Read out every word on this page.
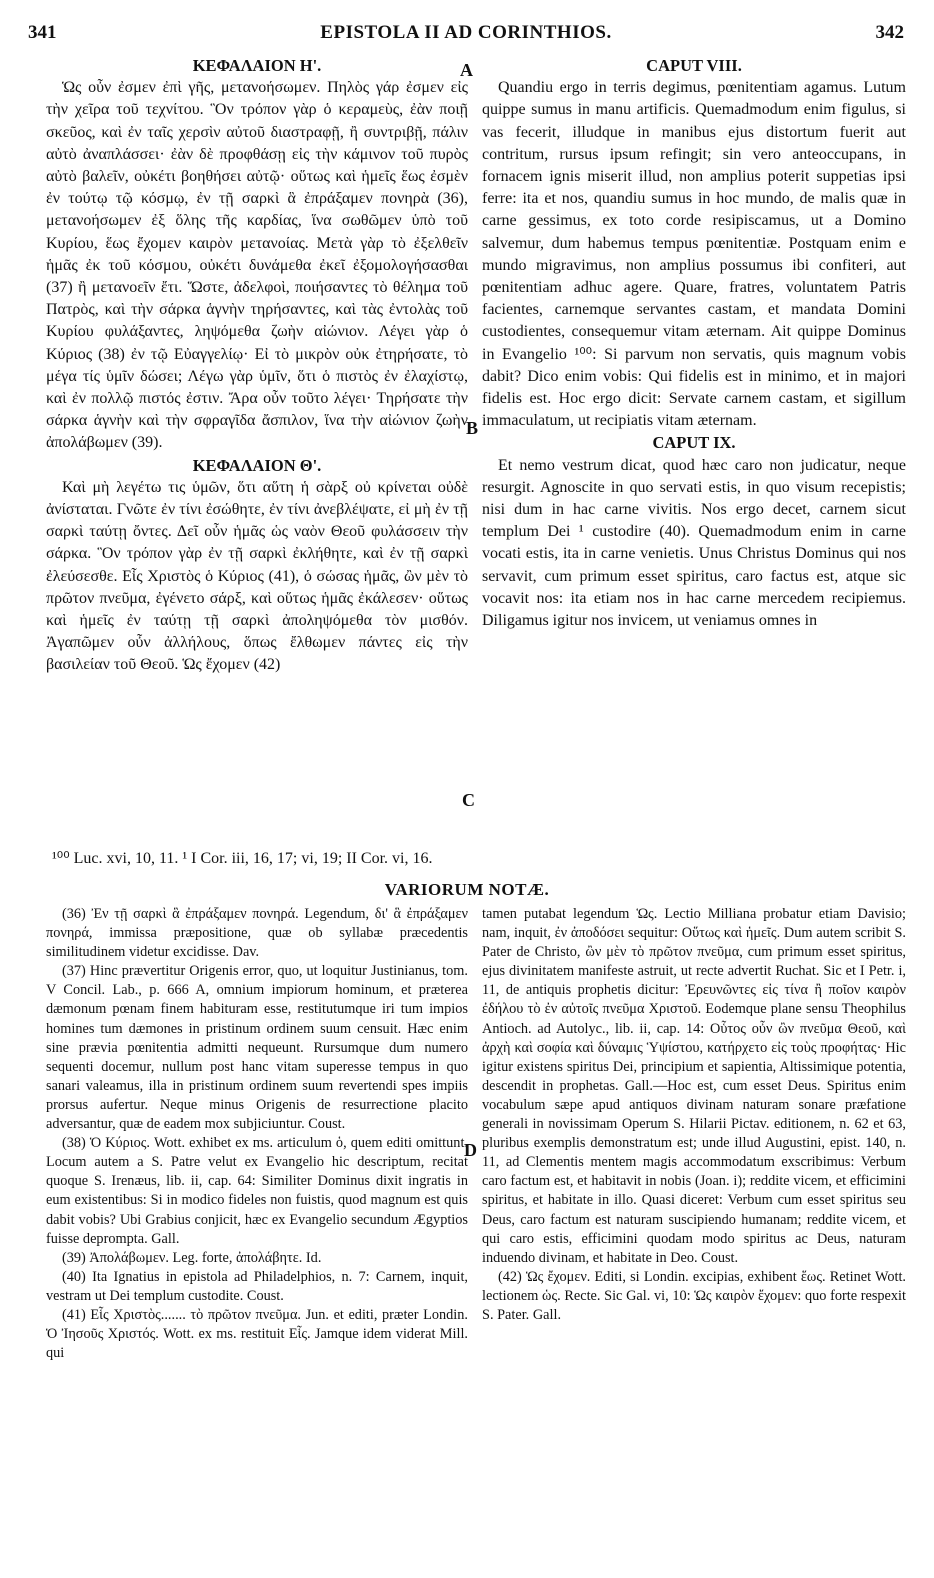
341	EPISTOLA II AD CORINTHIOS.	342
ΚΕΦΑΛΑΙΟΝ Η'.

Ὡς οὖν ἐσμεν ἐπὶ γῆς, μετανοήσωμεν. Πηλὸς γάρ ἐσμεν εἰς τὴν χεῖρα τοῦ τεχνίτου. Ὃν τρόπον γὰρ ὁ κεραμεὺς, ἐὰν ποιῇ σκεῦος, καὶ ἐν ταῖς χερσὶν αὐτοῦ διαστραφῇ, ἢ συντριβῇ, πάλιν αὐτὸ ἀναπλάσσει· ἐὰν δὲ προφθάσῃ εἰς τὴν κάμινον τοῦ πυρὸς αὐτὸ βαλεῖν, οὐκέτι βοηθήσει αὐτῷ· οὕτως καὶ ἡμεῖς ἕως ἐσμὲν ἐν τούτῳ τῷ κόσμῳ, ἐν τῇ σαρκὶ ἃ ἐπράξαμεν πονηρὰ (36), μετανοήσωμεν ἐξ ὅλης τῆς καρδίας, ἵνα σωθῶμεν ὑπὸ τοῦ Κυρίου, ἕως ἔχομεν καιρὸν μετανοίας. Μετὰ γὰρ τὸ ἐξελθεῖν ἡμᾶς ἐκ τοῦ κόσμου, οὐκέτι δυνάμεθα ἐκεῖ ἐξομολογήσασθαι (37) ἢ μετανοεῖν ἔτι. Ὥστε, ἀδελφοὶ, ποιήσαντες τὸ θέλημα τοῦ Πατρὸς, καὶ τὴν σάρκα ἁγνὴν τηρήσαντες, καὶ τὰς ἐντολὰς τοῦ Κυρίου φυλάξαντες, ληψόμεθα ζωὴν αἰώνιον. Λέγει γὰρ ὁ Κύριος (38) ἐν τῷ Εὐαγγελίῳ· Εἰ τὸ μικρὸν οὐκ ἐτηρήσατε, τὸ μέγα τίς ὑμῖν δώσει; Λέγω γὰρ ὑμῖν, ὅτι ὁ πιστὸς ἐν ἐλαχίστῳ, καὶ ἐν πολλῷ πιστός ἐστιν. Ἄρα οὖν τοῦτο λέγει· Τηρήσατε τὴν σάρκα ἁγνὴν καὶ τὴν σφραγῖδα ἄσπιλον, ἵνα τὴν αἰώνιον ζωὴν ἀπολάβωμεν (39).

ΚΕΦΑΛΑΙΟΝ Θ'.

Καὶ μὴ λεγέτω τις ὑμῶν, ὅτι αὕτη ἡ σὰρξ οὐ κρίνεται οὐδὲ ἀνίσταται. Γνῶτε ἐν τίνι ἐσώθητε, ἐν τίνι ἀνεβλέψατε, εἰ μὴ ἐν τῇ σαρκὶ ταύτῃ ὄντες. Δεῖ οὖν ἡμᾶς ὡς ναὸν Θεοῦ φυλάσσειν τὴν σάρκα. Ὃν τρόπον γὰρ ἐν τῇ σαρκὶ ἐκλήθητε, καὶ ἐν τῇ σαρκὶ ἐλεύσεσθε. Εἷς Χριστὸς ὁ Κύριος (41), ὁ σώσας ἡμᾶς, ὢν μὲν τὸ πρῶτον πνεῦμα, ἐγένετο σάρξ, καὶ οὕτως ἡμᾶς ἐκάλεσεν· οὕτως καὶ ἡμεῖς ἐν ταύτῃ τῇ σαρκὶ ἀποληψόμεθα τὸν μισθόν. Ἀγαπῶμεν οὖν ἀλλήλους, ὅπως ἔλθωμεν πάντες εἰς τὴν βασιλείαν τοῦ Θεοῦ. Ὡς ἔχομεν (42)

CAPUT VIII.

Quandiu ergo in terris degimus, pœnitentiam agamus. Lutum quippe sumus in manu artificis. Quemadmodum enim figulus, si vas fecerit, illudque in manibus ejus distortum fuerit aut contritum, rursus ipsum refingit; sin vero anteoccupans, in fornacem ignis miserit illud, non amplius poterit suppetias ipsi ferre: ita et nos, quandiu sumus in hoc mundo, de malis quæ in carne gessimus, ex toto corde resipiscamus, ut a Domino salvemur, dum habemus tempus pœnitentiæ. Postquam enim e mundo migravimus, non amplius possumus ibi confiteri, aut pœnitentiam adhuc agere. Quare, fratres, voluntatem Patris facientes, carnemque servantes castam, et mandata Domini custodientes, consequemur vitam æternam. Ait quippe Dominus in Evangelio ¹⁰⁰: Si parvum non servatis, quis magnum vobis dabit? Dico enim vobis: Qui fidelis est in minimo, et in majori fidelis est. Hoc ergo dicit: Servate carnem castam, et sigillum immaculatum, ut recipiatis vitam æternam.

CAPUT IX.

Et nemo vestrum dicat, quod hæc caro non judicatur, neque resurgit. Agnoscite in quo servati estis, in quo visum recepistis; nisi dum in hac carne vivitis. Nos ergo decet, carnem sicut templum Dei ¹ custodire (40). Quemadmodum enim in carne vocati estis, ita in carne venietis. Unus Christus Dominus qui nos servavit, cum primum esset spiritus, caro factus est, atque sic vocavit nos: ita etiam nos in hac carne mercedem recipiemus. Diligamus igitur nos invicem, ut veniamus omnes in

A
B
C
D
¹⁰⁰ Luc. xvi, 10, 11. ¹ I Cor. iii, 16, 17; vi, 19; II Cor. vi, 16.
VARIORUM NOTÆ.

(36) Ἐν τῇ σαρκὶ ἃ ἐπράξαμεν πονηρά. Legendum, δι' ἃ ἐπράξαμεν πονηρά, immissa præpositione, quæ ob syllabæ præcedentis similitudinem videtur excidisse. Dav.

(37) Hinc prævertitur Origenis error, quo, ut loquitur Justinianus, tom. V Concil. Lab., p. 666 A, omnium impiorum hominum, et præterea dæmonum pœnam finem habituram esse, restitutumque iri tum impios homines tum dæmones in pristinum ordinem suum censuit. Hæc enim sine prævia pœnitentia admitti nequeunt. Rursumque dum numero sequenti docemur, nullum post hanc vitam superesse tempus in quo sanari valeamus, illa in pristinum ordinem suum revertendi spes impiis prorsus aufertur. Neque minus Origenis de resurrectione placito adversantur, quæ de eadem mox subjiciuntur. Coust.

(38) Ὁ Κύριος. Wott. exhibet ex ms. articulum ὁ, quem editi omittunt. Locum autem a S. Patre velut ex Evangelio hic descriptum, recitat quoque S. Irenæus, lib. ii, cap. 64: Similiter Dominus dixit ingratis in eum existentibus: Si in modico fideles non fuistis, quod magnum est quis dabit vobis? Ubi Grabius conjicit, hæc ex Evangelio secundum Ægyptios fuisse deprompta. Gall.

(39) Ἀπολάβωμεν. Leg. forte, ἀπολάβητε. Id.

(40) Ita Ignatius in epistola ad Philadelphios, n. 7: Carnem, inquit, vestram ut Dei templum custodite. Coust.

(41) Εἷς Χριστὸς....... τὸ πρῶτον πνεῦμα. Jun. et editi, præter Londin. Ὁ Ἰησοῦς Χριστός. Wott. ex ms. restituit Εἷς. Jamque idem viderat Mill. qui

tamen putabat legendum Ὡς. Lectio Milliana probatur etiam Davisio; nam, inquit, ἐν ἀποδόσει sequitur: Οὕτως καὶ ἡμεῖς. Dum autem scribit S. Pater de Christo, ὢν μὲν τὸ πρῶτον πνεῦμα, cum primum esset spiritus, ejus divinitatem manifeste astruit, ut recte advertit Ruchat. Sic et I Petr. i, 11, de antiquis prophetis dicitur: Ἐρευνῶντες εἰς τίνα ἢ ποῖον καιρὸν ἐδήλου τὸ ἐν αὐτοῖς πνεῦμα Χριστοῦ. Eodemque plane sensu Theophilus Antioch. ad Autolyc., lib. ii, cap. 14: Οὗτος οὖν ὢν πνεῦμα Θεοῦ, καὶ ἀρχὴ καὶ σοφία καὶ δύναμις Ὑψίστου, κατήρχετο εἰς τοὺς προφήτας· Hic igitur existens spiritus Dei, principium et sapientia, Altissimique potentia, descendit in prophetas. Gall.—Hoc est, cum esset Deus. Spiritus enim vocabulum sæpe apud antiquos divinam naturam sonare præfatione generali in novissimam Operum S. Hilarii Pictav. editionem, n. 62 et 63, pluribus exemplis demonstratum est; unde illud Augustini, epist. 140, n. 11, ad Clementis mentem magis accommodatum exscribimus: Verbum caro factum est, et habitavit in nobis (Joan. i); reddite vicem, et efficimini spiritus, et habitate in illo. Quasi diceret: Verbum cum esset spiritus seu Deus, caro factum est naturam suscipiendo humanam; reddite vicem, et qui caro estis, efficimini quodam modo spiritus ac Deus, naturam induendo divinam, et habitate in Deo. Coust.

(42) Ὡς ἔχομεν. Editi, si Londin. excipias, exhibent ἕως. Retinet Wott. lectionem ὡς. Recte. Sic Gal. vi, 10: Ὡς καιρὸν ἔχομεν: quo forte respexit S. Pater. Gall.
